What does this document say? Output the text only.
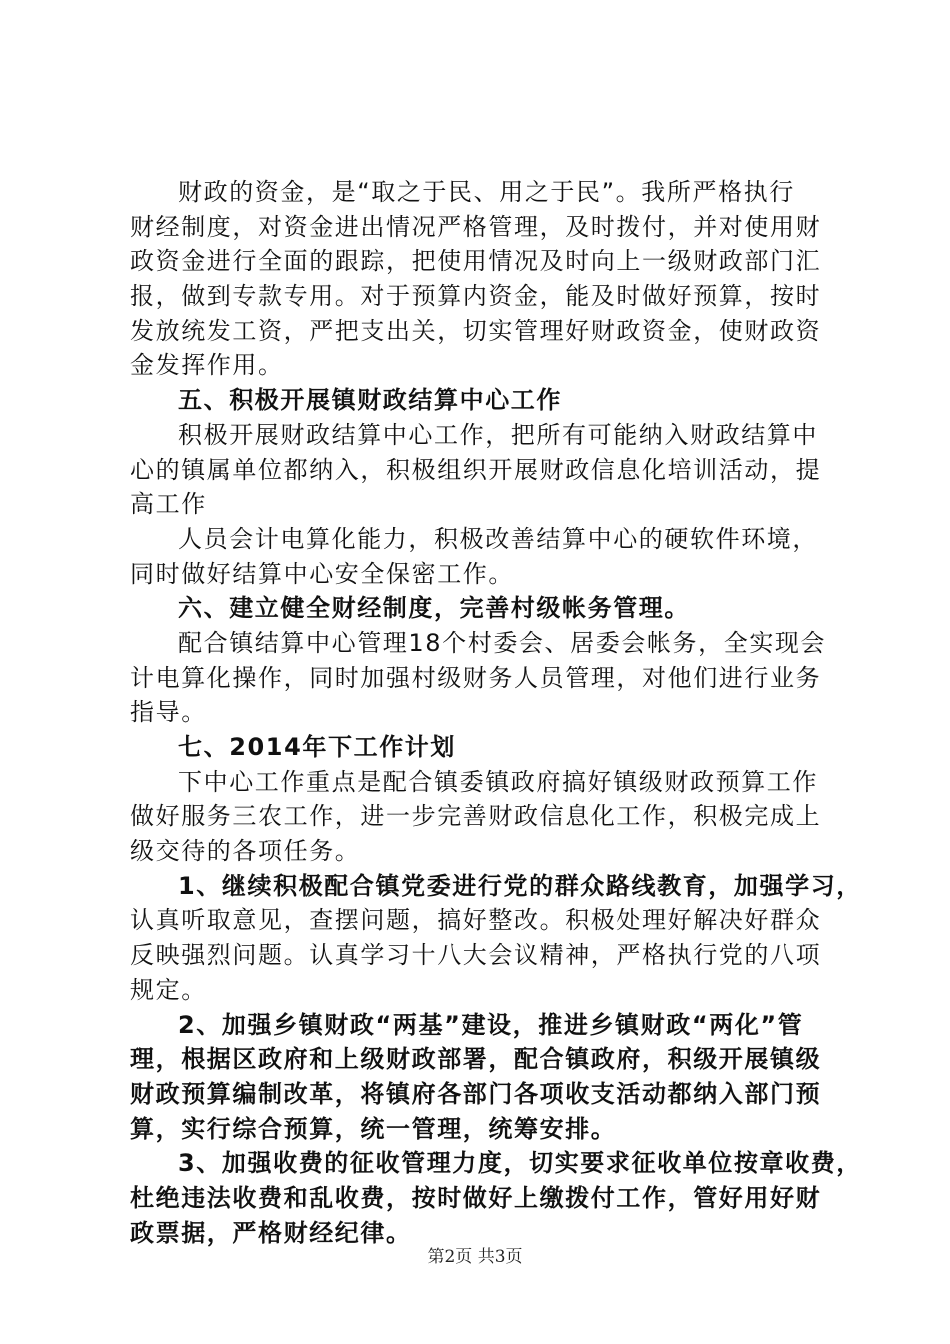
财政的资金，是“取之于民、用之于民”。我所严格执行
财经制度，对资金进出情况严格管理，及时拨付，并对使用财
政资金进行全面的跟踪，把使用情况及时向上一级财政部门汇
报，做到专款专用。对于预算内资金，能及时做好预算，按时
发放统发工资，严把支出关，切实管理好财政资金，使财政资
金发挥作用。
五、积极开展镇财政结算中心工作
积极开展财政结算中心工作，把所有可能纳入财政结算中
心的镇属单位都纳入，积极组织开展财政信息化培训活动，提
高工作
人员会计电算化能力，积极改善结算中心的硬软件环境，
同时做好结算中心安全保密工作。
六、建立健全财经制度，完善村级帐务管理。
配合镇结算中心管理18个村委会、居委会帐务，全实现会
计电算化操作，同时加强村级财务人员管理，对他们进行业务
指导。
七、2014年下工作计划
下中心工作重点是配合镇委镇政府搞好镇级财政预算工作
做好服务三农工作，进一步完善财政信息化工作，积极完成上
级交待的各项任务。
1、继续积极配合镇党委进行党的群众路线教育，加强学习，
认真听取意见，查摆问题，搞好整改。积极处理好解决好群众
反映强烈问题。认真学习十八大会议精神，严格执行党的八项
规定。
2、加强乡镇财政“两基”建设，推进乡镇财政“两化”管
理，根据区政府和上级财政部署，配合镇政府，积级开展镇级
财政预算编制改革，将镇府各部门各项收支活动都纳入部门预
算，实行综合预算，统一管理，统筹安排。
3、加强收费的征收管理力度，切实要求征收单位按章收费，
杜绝违法收费和乱收费，按时做好上缴拨付工作，管好用好财
政票据，严格财经纪律。
第2页 共3页
